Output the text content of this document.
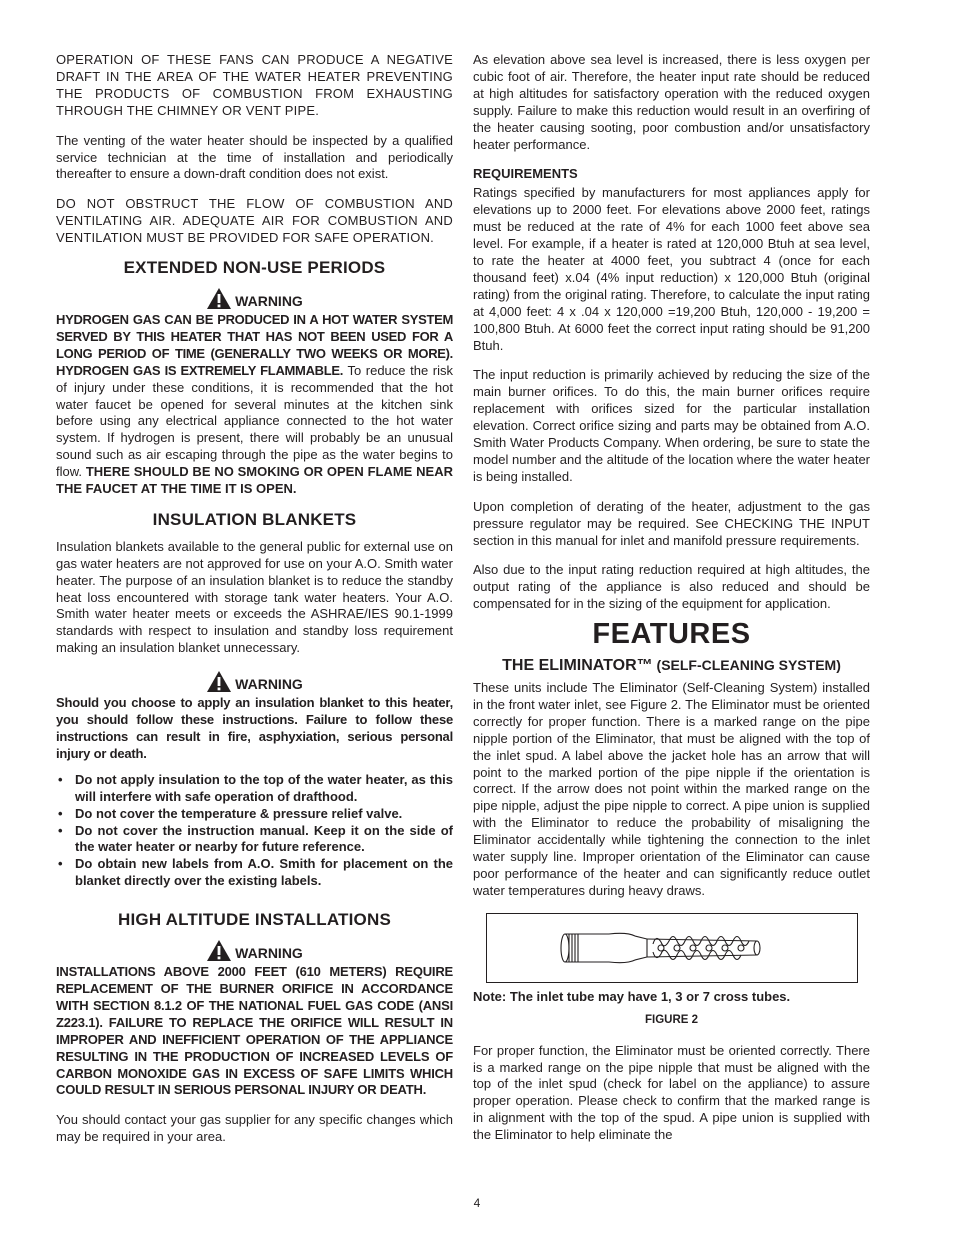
OPERATION OF THESE FANS CAN PRODUCE A NEGATIVE DRAFT IN THE AREA OF THE WATER HEATER PREVENTING THE PRODUCTS OF COMBUSTION FROM EXHAUSTING THROUGH THE CHIMNEY OR VENT PIPE.

The venting of the water heater should be inspected by a qualified service technician at the time of installation and periodically thereafter to ensure a down-draft condition does not exist.

DO NOT OBSTRUCT THE FLOW OF COMBUSTION AND VENTILATING AIR. ADEQUATE AIR FOR COMBUSTION AND VENTILATION MUST BE PROVIDED FOR SAFE OPERATION.

EXTENDED NON-USE PERIODS
WARNING

HYDROGEN GAS CAN BE PRODUCED IN A HOT WATER SYSTEM SERVED BY THIS HEATER THAT HAS NOT BEEN USED FOR A LONG PERIOD OF TIME (GENERALLY TWO WEEKS OR MORE). HYDROGEN GAS IS EXTREMELY FLAMMABLE. To reduce the risk of injury under these conditions, it is recommended that the hot water faucet be opened for several minutes at the kitchen sink before using any electrical appliance connected to the hot water system. If hydrogen is present, there will probably be an unusual sound such as air escaping through the pipe as the water begins to flow. THERE SHOULD BE NO SMOKING OR OPEN FLAME NEAR THE FAUCET AT THE TIME IT IS OPEN.

INSULATION BLANKETS

Insulation blankets available to the general public for external use on gas water heaters are not approved for use on your A.O. Smith water heater. The purpose of an insulation blanket is to reduce the standby heat loss encountered with storage tank water heaters. Your A.O. Smith water heater meets or exceeds the ASHRAE/IES 90.1-1999 standards with respect to insulation and standby loss requirement making an insulation blanket unnecessary.

WARNING

Should you choose to apply an insulation blanket to this heater, you should follow these instructions. Failure to follow these instructions can result in fire, asphyxiation, serious personal injury or death.

• Do not apply insulation to the top of the water heater, as this will interfere with safe operation of drafthood.
• Do not cover the temperature & pressure relief valve.
• Do not cover the instruction manual. Keep it on the side of the water heater or nearby for future reference.
• Do obtain new labels from A.O. Smith for placement on the blanket directly over the existing labels.
HIGH ALTITUDE INSTALLATIONS
WARNING

INSTALLATIONS ABOVE 2000 FEET (610 METERS) REQUIRE REPLACEMENT OF THE BURNER ORIFICE IN ACCORDANCE WITH SECTION 8.1.2 OF THE NATIONAL FUEL GAS CODE (ANSI Z223.1). FAILURE TO REPLACE THE ORIFICE WILL RESULT IN IMPROPER AND INEFFICIENT OPERATION OF THE APPLIANCE RESULTING IN THE PRODUCTION OF INCREASED LEVELS OF CARBON MONOXIDE GAS IN EXCESS OF SAFE LIMITS WHICH COULD RESULT IN SERIOUS PERSONAL INJURY OR DEATH.

You should contact your gas supplier for any specific changes which may be required in your area.

As elevation above sea level is increased, there is less oxygen per cubic foot of air. Therefore, the heater input rate should be reduced at high altitudes for satisfactory operation with the reduced oxygen supply. Failure to make this reduction would result in an overfiring of the heater causing sooting, poor combustion and/or unsatisfactory heater performance.

REQUIREMENTS

Ratings specified by manufacturers for most appliances apply for elevations up to 2000 feet. For elevations above 2000 feet, ratings must be reduced at the rate of 4% for each 1000 feet above sea level. For example, if a heater is rated at 120,000 Btuh at sea level, to rate the heater at 4000 feet, you subtract 4 (once for each thousand feet) x.04 (4% input reduction) x 120,000 Btuh (original rating) from the original rating. Therefore, to calculate the input rating at 4,000 feet: 4 x .04 x 120,000 =19,200 Btuh, 120,000 - 19,200 = 100,800 Btuh. At 6000 feet the correct input rating should be 91,200 Btuh.

The input reduction is primarily achieved by reducing the size of the main burner orifices. To do this, the main burner orifices require replacement with orifices sized for the particular installation elevation. Correct orifice sizing and parts may be obtained from A.O. Smith Water Products Company. When ordering, be sure to state the model number and the altitude of the location where the water heater is being installed.

Upon completion of derating of the heater, adjustment to the gas pressure regulator may be required. See CHECKING THE INPUT section in this manual for inlet and manifold pressure requirements.

Also due to the input rating reduction required at high altitudes, the output rating of the appliance is also reduced and should be compensated for in the sizing of the equipment for application.

FEATURES
THE ELIMINATOR™ (SELF-CLEANING SYSTEM)

These units include The Eliminator (Self-Cleaning System) installed in the front water inlet, see Figure 2. The Eliminator must be oriented correctly for proper function. There is a marked range on the pipe nipple portion of the Eliminator, that must be aligned with the top of the inlet spud. A label above the jacket hole has an arrow that will point to the marked portion of the pipe nipple if the orientation is correct. If the arrow does not point within the marked range on the pipe nipple, adjust the pipe nipple to correct. A pipe union is supplied with the Eliminator to reduce the probability of misaligning the Eliminator accidentally while tightening the connection to the inlet water supply line. Improper orientation of the Eliminator can cause poor performance of the heater and can significantly reduce outlet water temperatures during heavy draws.

Note: The inlet tube may have 1, 3 or 7 cross tubes.
FIGURE 2

For proper function, the Eliminator must be oriented correctly. There is a marked range on the pipe nipple that must be aligned with the top of the inlet spud (check for label on the appliance) to assure proper operation. Please check to confirm that the marked range is in alignment with the top of the spud. A pipe union is supplied with the Eliminator to help eliminate the

4
